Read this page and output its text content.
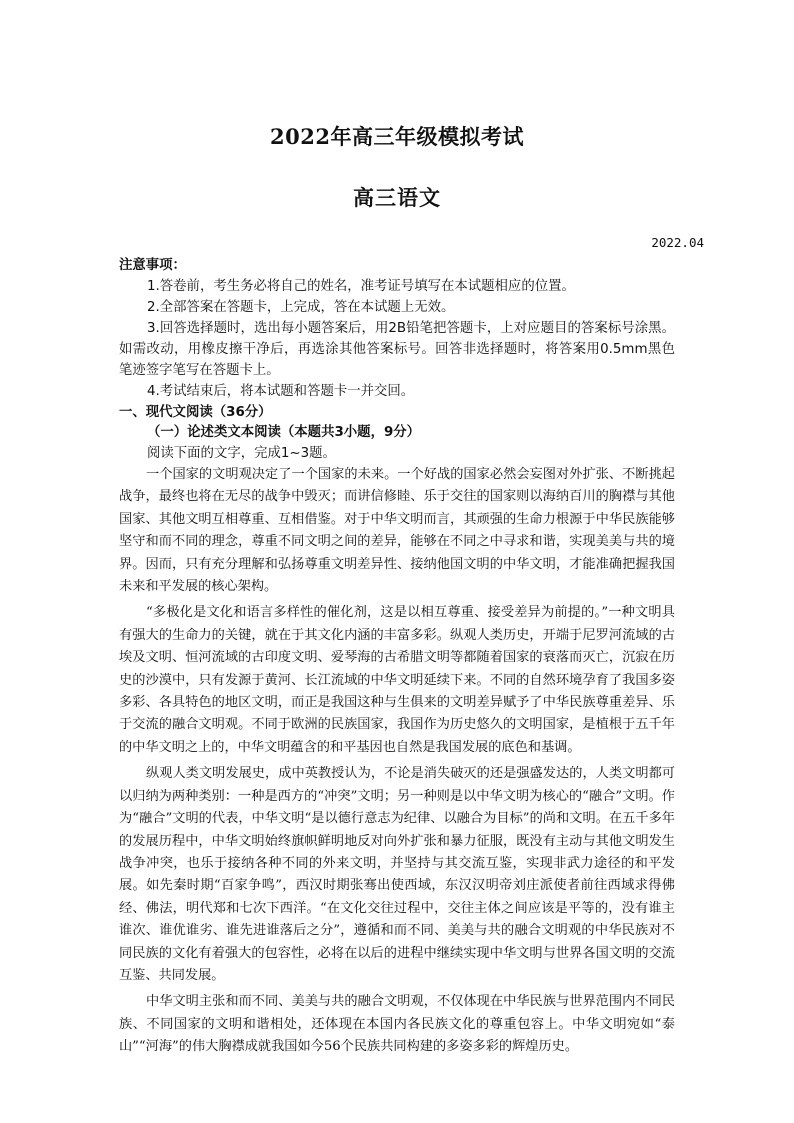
2022年高三年级模拟考试
高三语文
2022.04
注意事项：

1.答卷前，考生务必将自己的姓名，准考证号填写在本试题相应的位置。

2.全部答案在答题卡，上完成，答在本试题上无效。

3.回答选择题时，选出每小题答案后，用2B铅笔把答题卡，上对应题目的答案标号涂黑。如需改动，用橡皮擦干净后，再选涂其他答案标号。回答非选择题时，将答案用0.5mm黑色笔迹签字笔写在答题卡上。

4.考试结束后，将本试题和答题卡一并交回。

一、现代文阅读（36分）
（一）论述类文本阅读（本题共3小题，9分）
阅读下面的文字，完成1~3题。

一个国家的文明观决定了一个国家的未来。一个好战的国家必然会妄图对外扩张、不断挑起战争，最终也将在无尽的战争中毁灭；而讲信修睦、乐于交往的国家则以海纳百川的胸襟与其他国家、其他文明互相尊重、互相借鉴。对于中华文明而言，其顽强的生命力根源于中华民族能够坚守和而不同的理念，尊重不同文明之间的差异，能够在不同之中寻求和谐，实现美美与共的境界。因而，只有充分理解和弘扬尊重文明差异性、接纳他国文明的中华文明，才能准确把握我国未来和平发展的核心架构。

“多极化是文化和语言多样性的催化剂，这是以相互尊重、接受差异为前提的。”一种文明具有强大的生命力的关键，就在于其文化内涵的丰富多彩。纵观人类历史，开端于尼罗河流域的古埃及文明、恒河流域的古印度文明、爱琴海的古希腊文明等都随着国家的衰落而灭亡，沉寂在历史的沙漠中，只有发源于黄河、长江流域的中华文明延续下来。不同的自然环境孕育了我国多姿多彩、各具特色的地区文明，而正是我国这种与生俱来的文明差异赋予了中华民族尊重差异、乐于交流的融合文明观。不同于欧洲的民族国家，我国作为历史悠久的文明国家，是植根于五千年的中华文明之上的，中华文明蕴含的和平基因也自然是我国发展的底色和基调。

纵观人类文明发展史，成中英教授认为，不论是消失破灭的还是强盛发达的，人类文明都可以归纳为两种类别：一种是西方的“冲突”文明；另一种则是以中华文明为核心的“融合”文明。作为“融合”文明的代表，中华文明“是以德行意志为纪律、以融合为目标”的尚和文明。在五千多年的发展历程中，中华文明始终旗帜鲜明地反对向外扩张和暴力征服，既没有主动与其他文明发生战争冲突，也乐于接纳各种不同的外来文明，并坚持与其交流互鉴，实现非武力途径的和平发展。如先秦时期“百家争鸣”，西汉时期张骞出使西域，东汉汉明帝刘庄派使者前往西域求得佛经、佛法，明代郑和七次下西洋。“在文化交往过程中，交往主体之间应该是平等的，没有谁主谁次、谁优谁劣、谁先进谁落后之分”，遵循和而不同、美美与共的融合文明观的中华民族对不同民族的文化有着强大的包容性，必将在以后的进程中继续实现中华文明与世界各国文明的交流互鉴、共同发展。

中华文明主张和而不同、美美与共的融合文明观，不仅体现在中华民族与世界范围内不同民族、不同国家的文明和谐相处，还体现在本国内各民族文化的尊重包容上。中华文明宛如“泰山”“河海”的伟大胸襟成就我国如今56个民族共同构建的多姿多彩的辉煌历史。
